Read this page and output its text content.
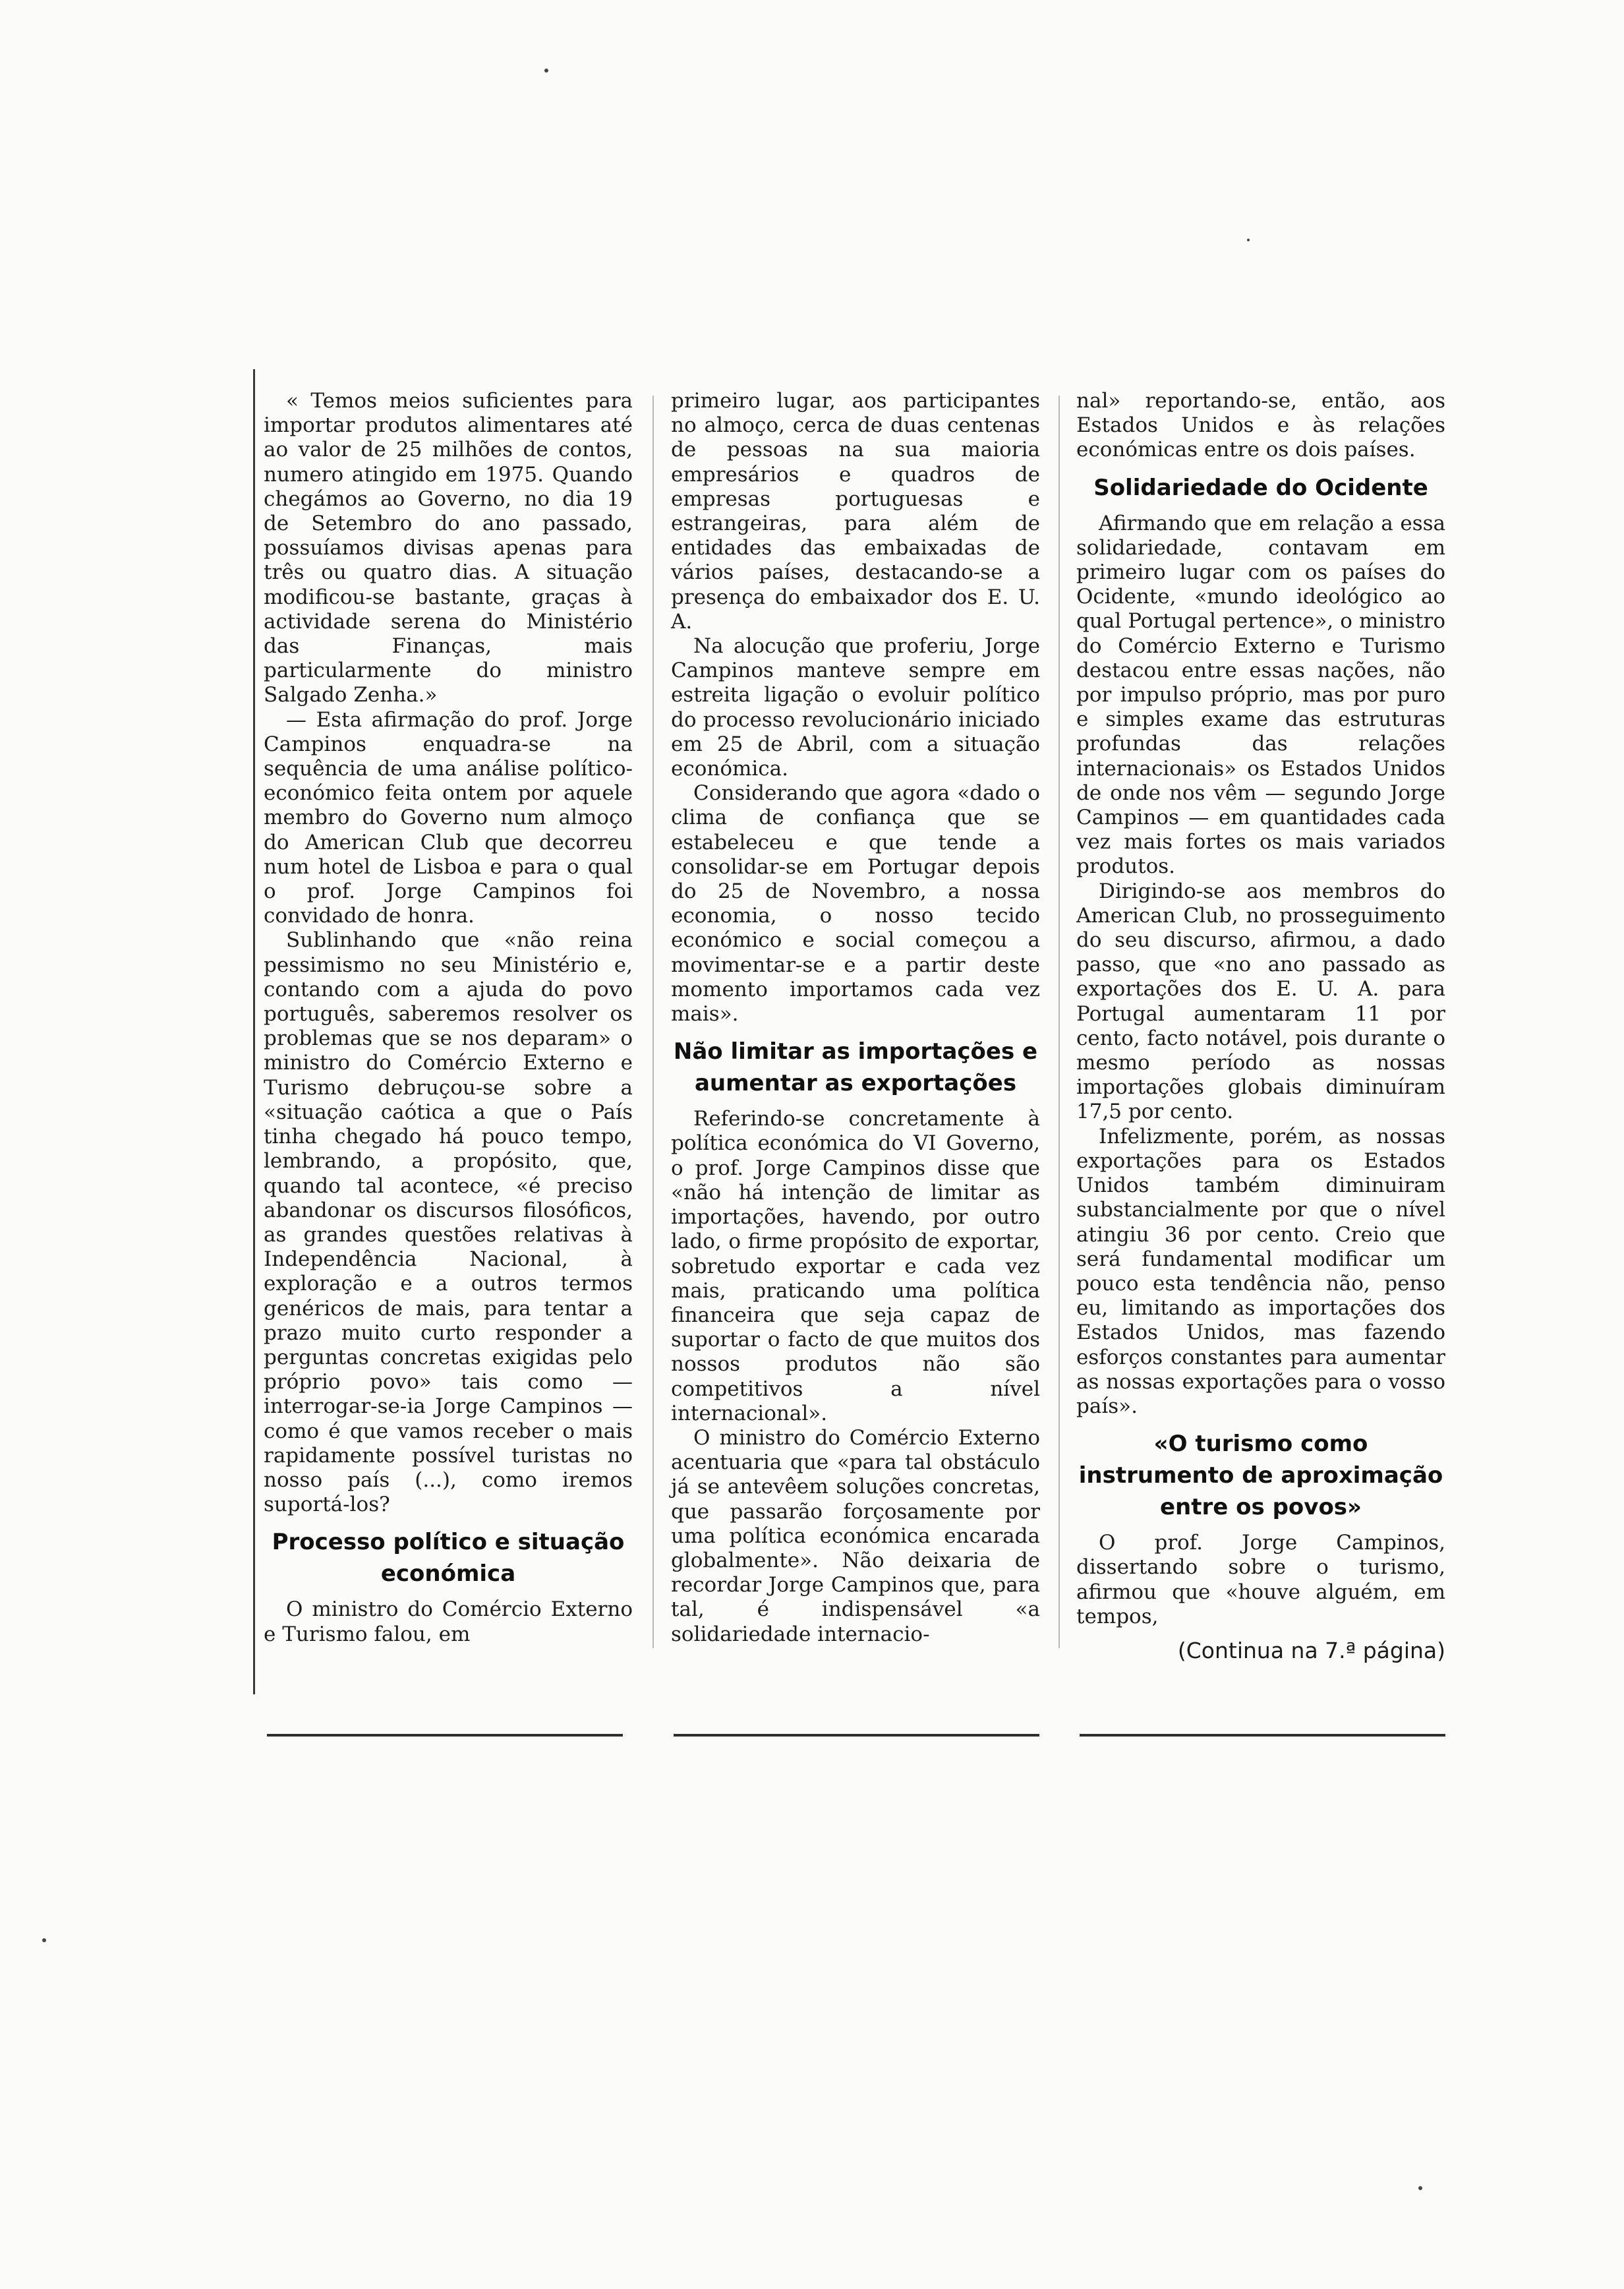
« Temos meios suficientes para importar produtos alimentares até ao valor de 25 milhões de contos, numero atingido em 1975. Quando chegámos ao Governo, no dia 19 de Setembro do ano passado, possuíamos divisas apenas para três ou quatro dias. A situação modificou-se bastante, graças à actividade serena do Ministério das Finanças, mais particularmente do ministro Salgado Zenha.»

— Esta afirmação do prof. Jorge Campinos enquadra-se na sequência de uma análise político-económico feita ontem por aquele membro do Governo num almoço do American Club que decorreu num hotel de Lisboa e para o qual o prof. Jorge Campinos foi convidado de honra.

Sublinhando que «não reina pessimismo no seu Ministério e, contando com a ajuda do povo português, saberemos resolver os problemas que se nos deparam» o ministro do Comércio Externo e Turismo debruçou-se sobre a «situação caótica a que o País tinha chegado há pouco tempo, lembrando, a propósito, que, quando tal acontece, «é preciso abandonar os discursos filosóficos, as grandes questões relativas à Independência Nacional, à exploração e a outros termos genéricos de mais, para tentar a prazo muito curto responder a perguntas concretas exigidas pelo próprio povo» tais como — interrogar-se-ia Jorge Campinos — como é que vamos receber o mais rapidamente possível turistas no nosso país (...), como iremos suportá-los?

Processo político e situação económica

O ministro do Comércio Externo e Turismo falou, em

primeiro lugar, aos participantes no almoço, cerca de duas centenas de pessoas na sua maioria empresários e quadros de empresas portuguesas e estrangeiras, para além de entidades das embaixadas de vários países, destacando-se a presença do embaixador dos E. U. A.

Na alocução que proferiu, Jorge Campinos manteve sempre em estreita ligação o evoluir político do processo revolucionário iniciado em 25 de Abril, com a situação económica.

Considerando que agora «dado o clima de confiança que se estabeleceu e que tende a consolidar-se em Portugar depois do 25 de Novembro, a nossa economia, o nosso tecido económico e social começou a movimentar-se e a partir deste momento importamos cada vez mais».

Não limitar as importações e aumentar as exportações

Referindo-se concretamente à política económica do VI Governo, o prof. Jorge Campinos disse que «não há intenção de limitar as importações, havendo, por outro lado, o firme propósito de exportar, sobretudo exportar e cada vez mais, praticando uma política financeira que seja capaz de suportar o facto de que muitos dos nossos produtos não são competitivos a nível internacional».

O ministro do Comércio Externo acentuaria que «para tal obstáculo já se antevêem soluções concretas, que passarão forçosamente por uma política económica encarada globalmente». Não deixaria de recordar Jorge Campinos que, para tal, é indispensável «a solidariedade internacio-

nal» reportando-se, então, aos Estados Unidos e às relações económicas entre os dois países.

Solidariedade do Ocidente

Afirmando que em relação a essa solidariedade, contavam em primeiro lugar com os países do Ocidente, «mundo ideológico ao qual Portugal pertence», o ministro do Comércio Externo e Turismo destacou entre essas nações, não por impulso próprio, mas por puro e simples exame das estruturas profundas das relações internacionais» os Estados Unidos de onde nos vêm — segundo Jorge Campinos — em quantidades cada vez mais fortes os mais variados produtos.

Dirigindo-se aos membros do American Club, no prosseguimento do seu discurso, afirmou, a dado passo, que «no ano passado as exportações dos E. U. A. para Portugal aumentaram 11 por cento, facto notável, pois durante o mesmo período as nossas importações globais diminuíram 17,5 por cento.

Infelizmente, porém, as nossas exportações para os Estados Unidos também diminuiram substancialmente por que o nível atingiu 36 por cento. Creio que será fundamental modificar um pouco esta tendência não, penso eu, limitando as importações dos Estados Unidos, mas fazendo esforços constantes para aumentar as nossas exportações para o vosso país».

«O turismo como instrumento de aproximação entre os povos»

O prof. Jorge Campinos, dissertando sobre o turismo, afirmou que «houve alguém, em tempos,

(Continua na 7.ª página)
